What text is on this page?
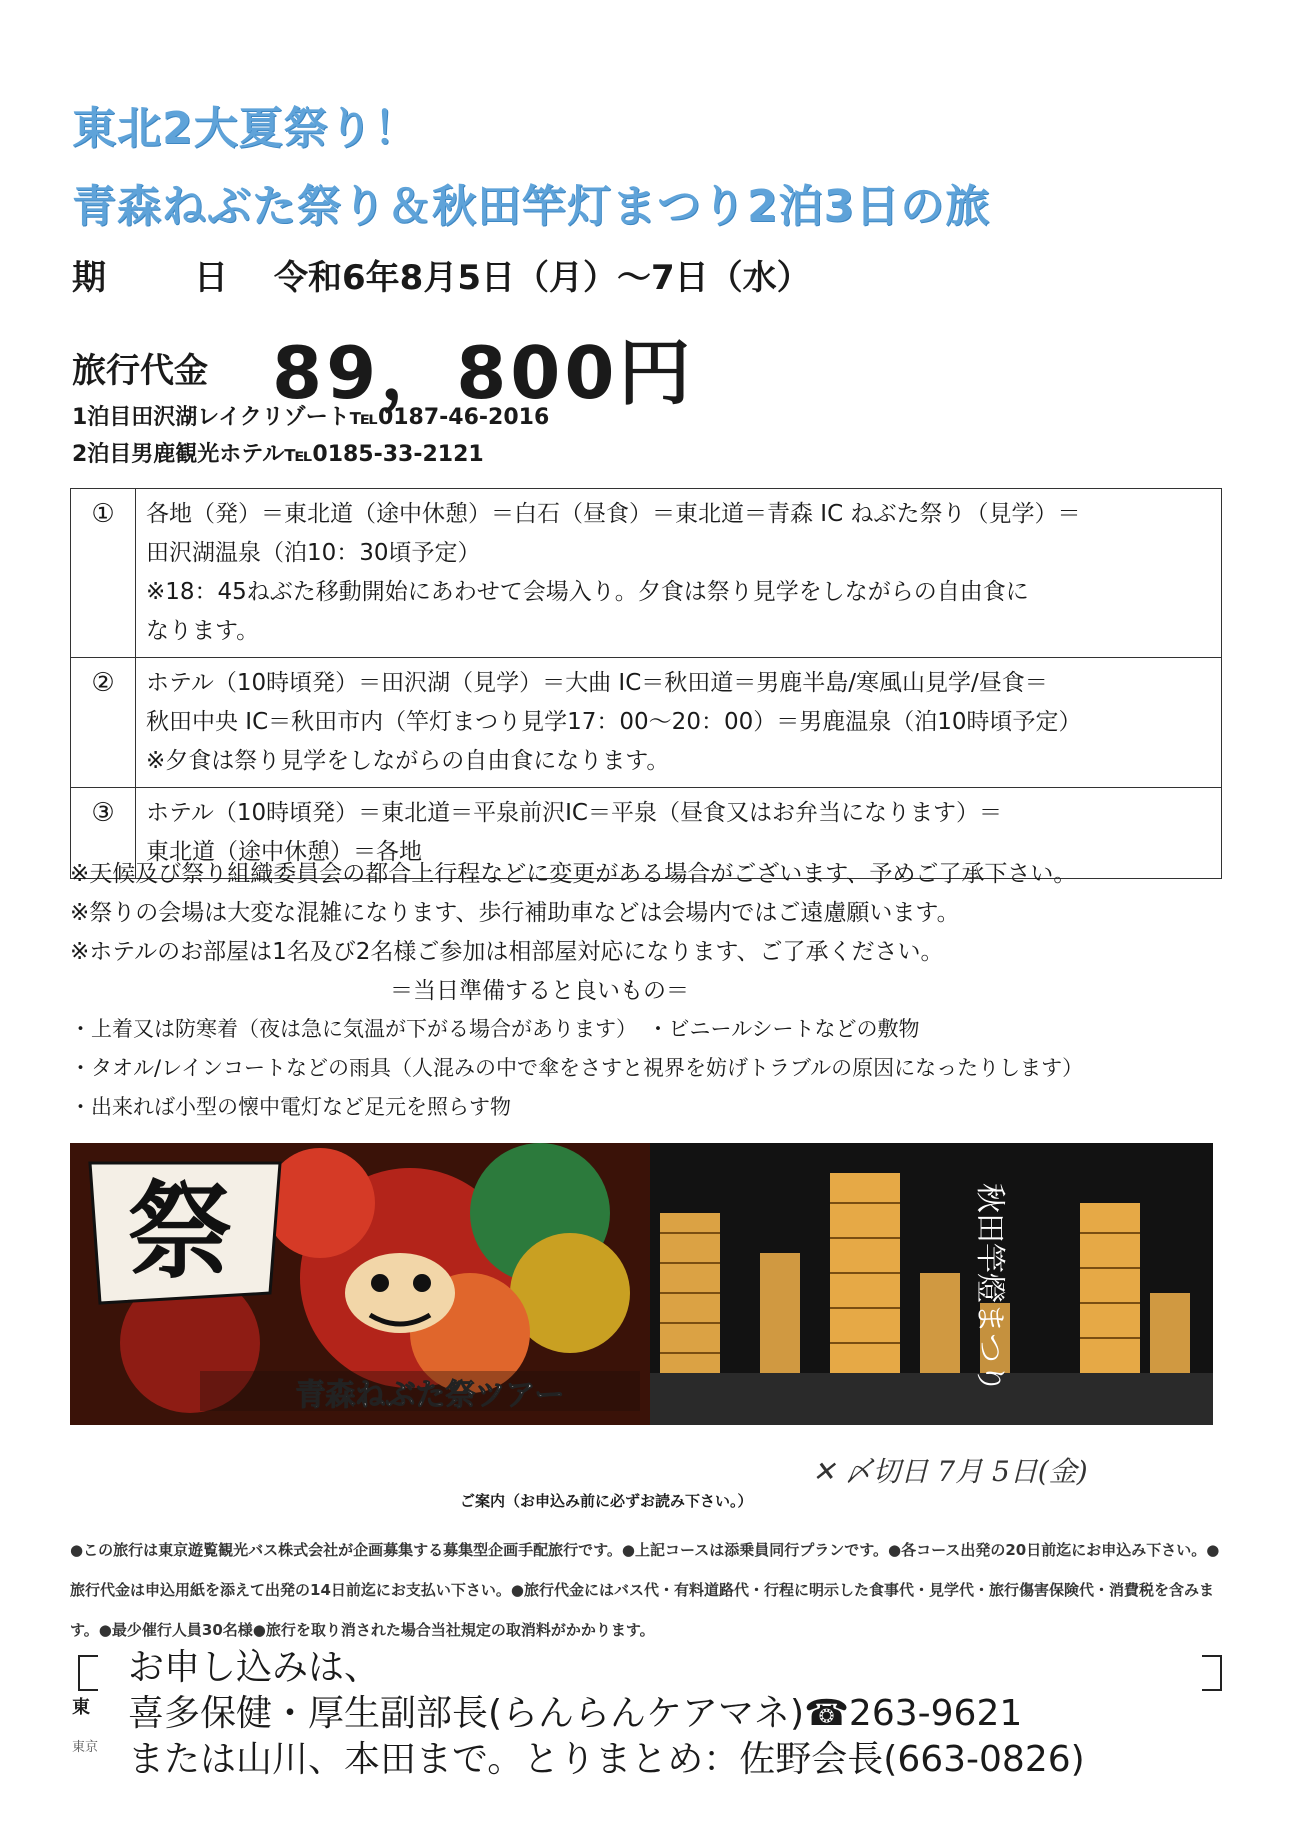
東北2大夏祭り！
青森ねぶた祭り＆秋田竿灯まつり2泊3日の旅
期	日 令和6年8月5日（月）～7日（水）
旅行代金 89，800円
1泊目田沢湖レイクリゾート℡0187-46-2016
2泊目男鹿観光ホテル℡0185-33-2121
①	各地（発）＝東北道（途中休憩）＝白石（昼食）＝東北道＝青森 IC ねぶた祭り（見学）＝
田沢湖温泉（泊10：30頃予定）
※18：45ねぶた移動開始にあわせて会場入り。夕食は祭り見学をしながらの自由食に
なります。

②	ホテル（10時頃発）＝田沢湖（見学）＝大曲 IC＝秋田道＝男鹿半島/寒風山見学/昼食＝
秋田中央 IC＝秋田市内（竿灯まつり見学17：00～20：00）＝男鹿温泉（泊10時頃予定）
※夕食は祭り見学をしながらの自由食になります。

③	ホテル（10時頃発）＝東北道＝平泉前沢IC＝平泉（昼食又はお弁当になります）＝
東北道（途中休憩）＝各地
※天候及び祭り組織委員会の都合上行程などに変更がある場合がございます、予めご了承下さい。
※祭りの会場は大変な混雑になります、歩行補助車などは会場内ではご遠慮願います。
※ホテルのお部屋は1名及び2名様ご参加は相部屋対応になります、ご了承ください。
＝当日準備すると良いもの＝
・上着又は防寒着（夜は急に気温が下がる場合があります）　・ビニールシートなどの敷物
・タオル/レインコートなどの雨具（人混みの中で傘をさすと視界を妨げトラブルの原因になったりします）
・出来れば小型の懐中電灯など足元を照らす物
祭
青森ねぶた祭ツアー
秋田竿燈まつり
✕ 〆切日 7月 5日(金)
ご案内（お申込み前に必ずお読み下さい。）
●この旅行は東京遊覧観光バス株式会社が企画募集する募集型企画手配旅行です。●上記コースは添乗員同行プランです。●各コース出発の20日前迄にお申込み下さい。●旅行代金は申込用紙を添えて出発の14日前迄にお支払い下さい。●旅行代金にはバス代・有料道路代・行程に明示した食事代・見学代・旅行傷害保険代・消費税を含みます。●最少催行人員30名様●旅行を取り消された場合当社規定の取消料がかかります。
東
東京
お申し込みは、
喜多保健・厚生副部長(らんらんケアマネ)☎263-9621
または山川、本田まで。とりまとめ：佐野会長(663-0826)
